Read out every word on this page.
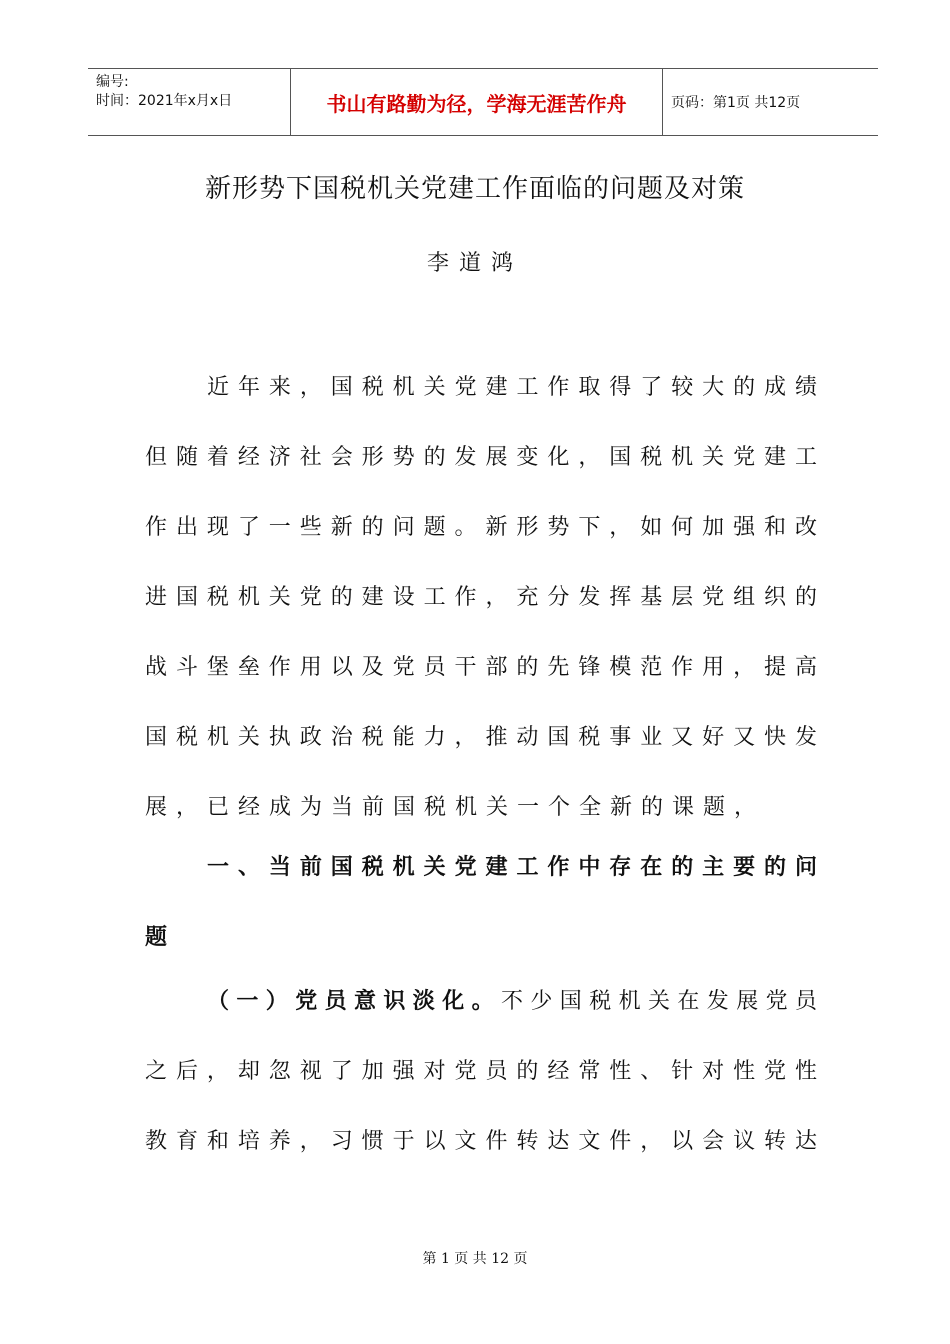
编号:
时间：2021年x月x日	书山有路勤为径，学海无涯苦作舟	页码：第1页 共12页
新形势下国税机关党建工作面临的问题及对策
李道鸿
近年来，国税机关党建工作取得了较大的成绩
但随着经济社会形势的发展变化，国税机关党建工
作出现了一些新的问题。新形势下，如何加强和改
进国税机关党的建设工作，充分发挥基层党组织的
战斗堡垒作用以及党员干部的先锋模范作用，提高
国税机关执政治税能力，推动国税事业又好又快发
展，已经成为当前国税机关一个全新的课题，
一、当前国税机关党建工作中存在的主要的问
题
（一）党员意识淡化。不少国税机关在发展党员
之后，却忽视了加强对党员的经常性、针对性党性
教育和培养，习惯于以文件转达文件，以会议转达
第 1 页 共 12 页
